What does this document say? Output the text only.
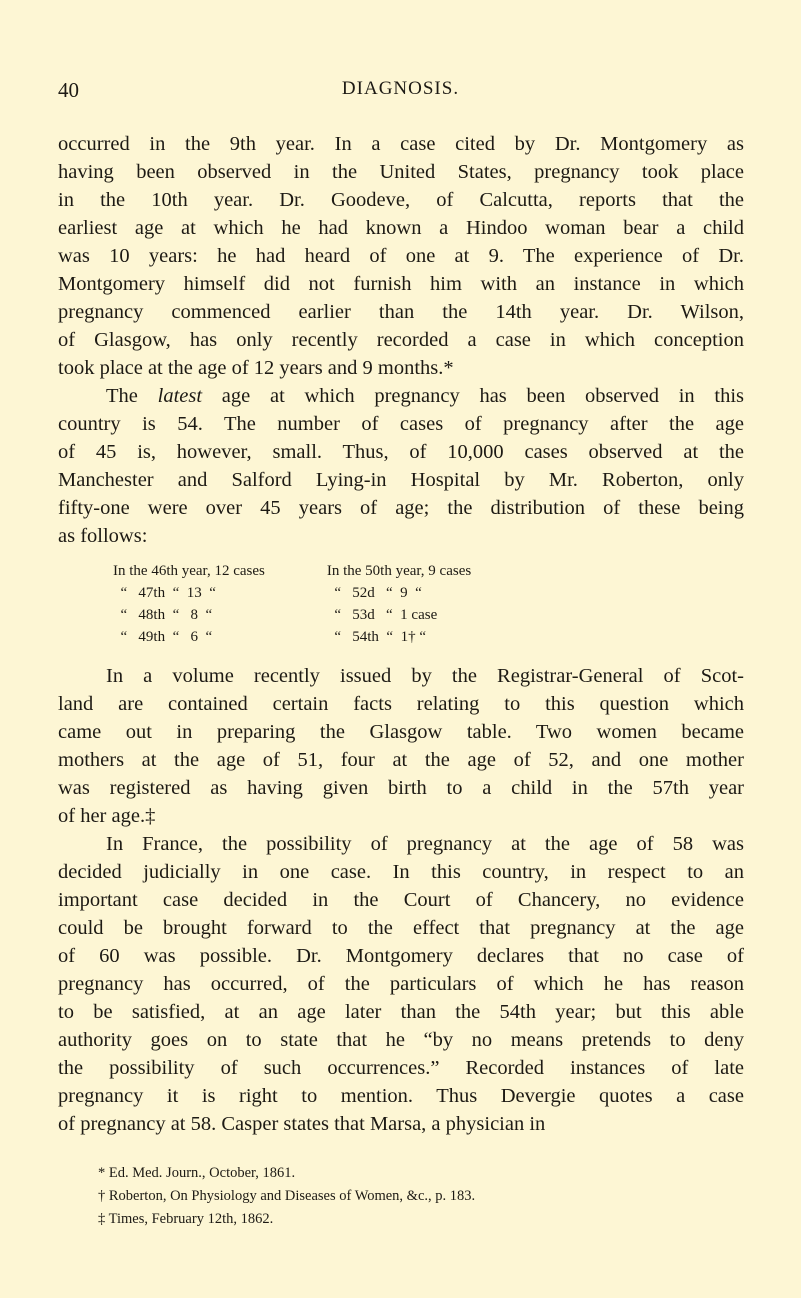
40	DIAGNOSIS.
occurred in the 9th year. In a case cited by Dr. Montgomery as
having been observed in the United States, pregnancy took place
in the 10th year. Dr. Goodeve, of Calcutta, reports that the
earliest age at which he had known a Hindoo woman bear a child
was 10 years: he had heard of one at 9. The experience of Dr.
Montgomery himself did not furnish him with an instance in which
pregnancy commenced earlier than the 14th year. Dr. Wilson,
of Glasgow, has only recently recorded a case in which conception
took place at the age of 12 years and 9 months.*
The latest age at which pregnancy has been observed in this
country is 54. The number of cases of pregnancy after the age
of 45 is, however, small. Thus, of 10,000 cases observed at the
Manchester and Salford Lying-in Hospital by Mr. Roberton, only
fifty-one were over 45 years of age; the distribution of these being
as follows:
In the 46th year, 12 cases
“   47th  “  13  “
“   48th  “   8  “
“   49th  “   6  “
In the 50th year, 9 cases
“   52d   “  9  “
“   53d   “  1 case
“   54th  “  1† “
In a volume recently issued by the Registrar-General of Scot-
land are contained certain facts relating to this question which
came out in preparing the Glasgow table. Two women became
mothers at the age of 51, four at the age of 52, and one mother
was registered as having given birth to a child in the 57th year
of her age.‡
In France, the possibility of pregnancy at the age of 58 was
decided judicially in one case. In this country, in respect to an
important case decided in the Court of Chancery, no evidence
could be brought forward to the effect that pregnancy at the age
of 60 was possible. Dr. Montgomery declares that no case of
pregnancy has occurred, of the particulars of which he has reason
to be satisfied, at an age later than the 54th year; but this able
authority goes on to state that he “by no means pretends to deny
the possibility of such occurrences.” Recorded instances of late
pregnancy it is right to mention. Thus Devergie quotes a case
of pregnancy at 58. Casper states that Marsa, a physician in
* Ed. Med. Journ., October, 1861.
† Roberton, On Physiology and Diseases of Women, &c., p. 183.
‡ Times, February 12th, 1862.
